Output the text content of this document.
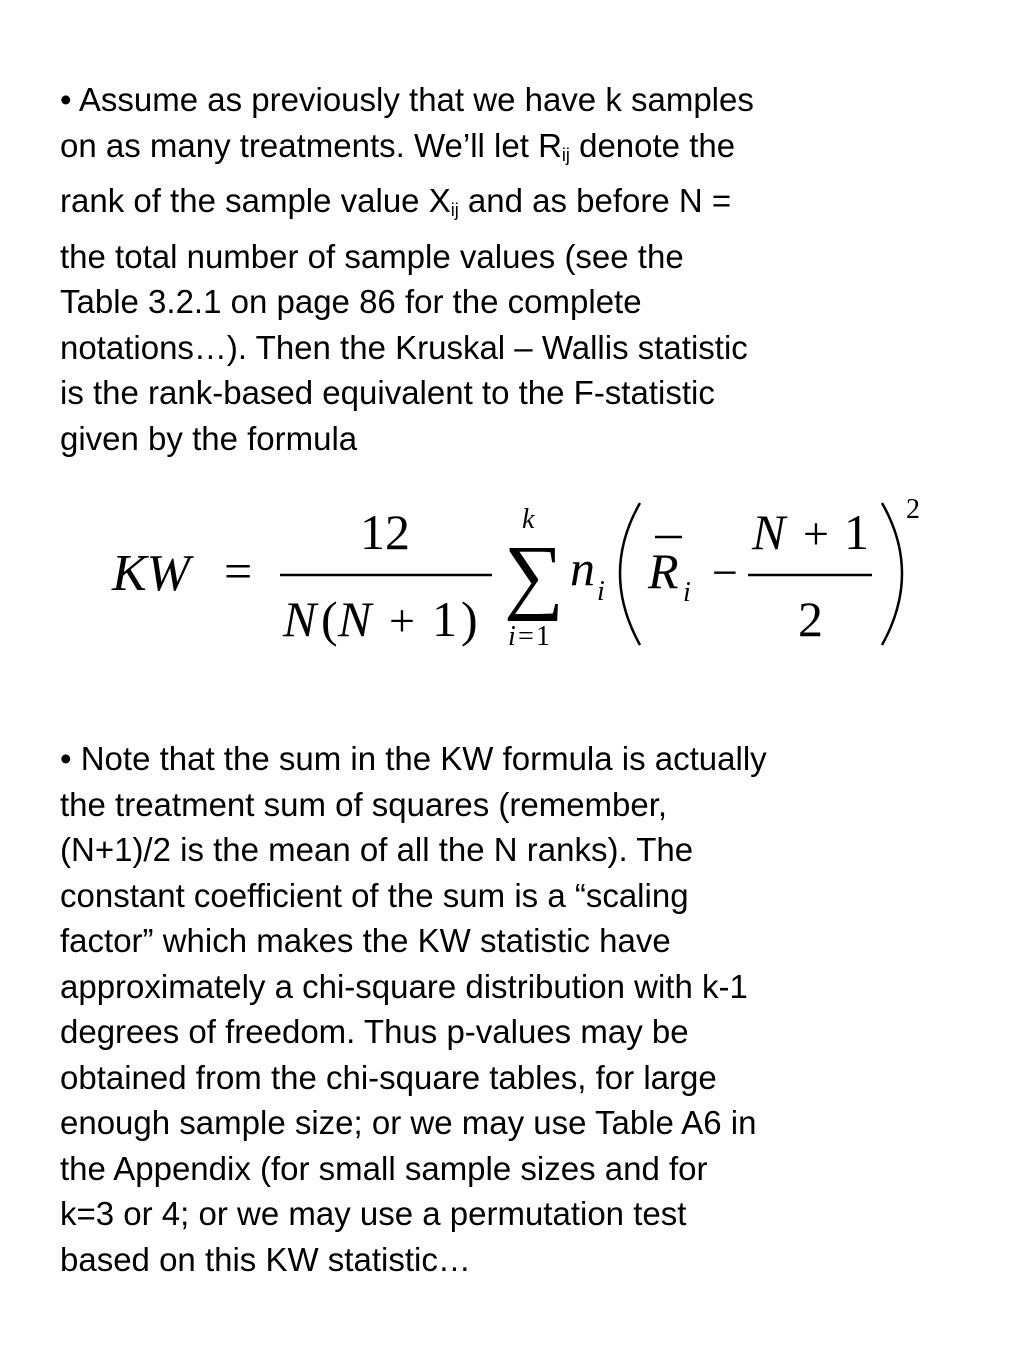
• Assume as previously that we have k samples
on as many treatments. We’ll let $R_{ij}$ denote the
rank of the sample value $X_{ij}$ and as before N =
the total number of sample values (see the
Table 3.2.1 on page 86 for the complete
notations…). Then the Kruskal – Wallis statistic
is the rank-based equivalent to the F-statistic
given by the formula
KW =
12
N ( N + 1 )
k
∑
i = 1
n i R i −
N + 1
2
2
• Note that the sum in the KW formula is actually
the treatment sum of squares (remember,
(N+1)/2 is the mean of all the N ranks). The
constant coefficient of the sum is a “scaling
factor” which makes the KW statistic have
approximately a chi-square distribution with k-1
degrees of freedom. Thus p-values may be
obtained from the chi-square tables, for large
enough sample size; or we may use Table A6 in
the Appendix (for small sample sizes and for
k=3 or 4; or we may use a permutation test
based on this KW statistic…
